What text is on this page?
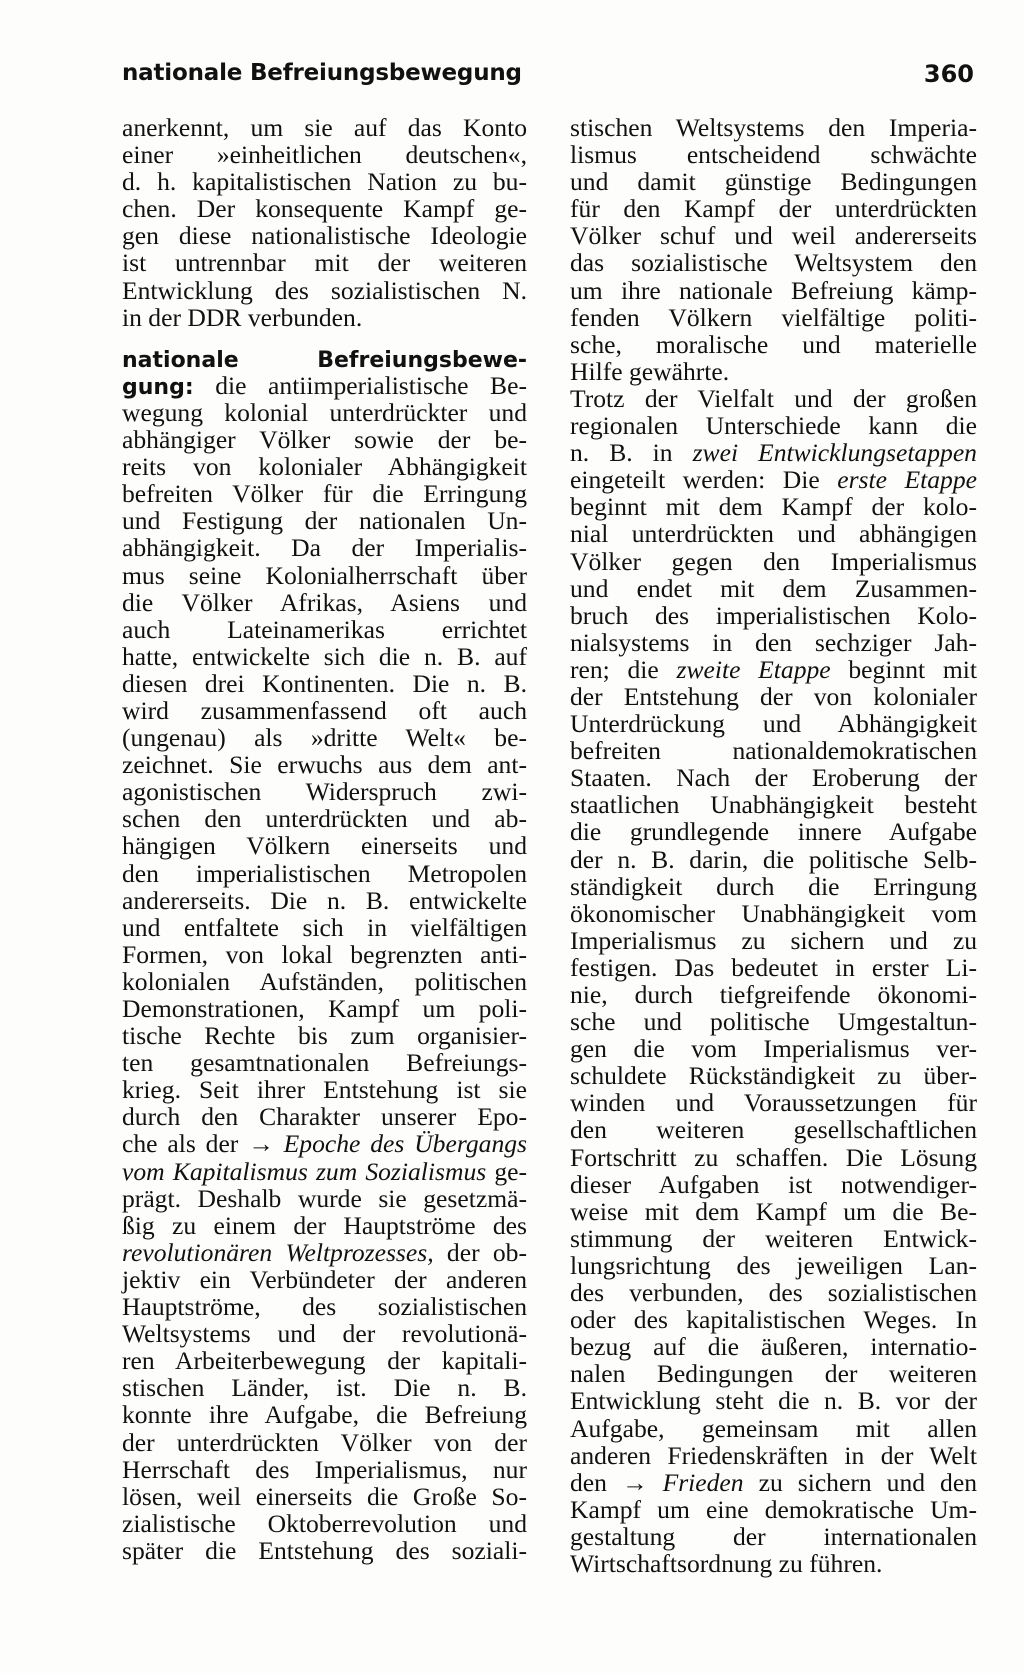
nationale Befreiungsbewegung	360
anerkennt, um sie auf das Konto
einer »einheitlichen deutschen«,
d. h. kapitalistischen Nation zu bu-
chen. Der konsequente Kampf ge-
gen diese nationalistische Ideologie
ist untrennbar mit der weiteren
Entwicklung des sozialistischen N.
in der DDR verbunden.
nationale Befreiungsbewe-
gung: die antiimperialistische Be-
wegung kolonial unterdrückter und
abhängiger Völker sowie der be-
reits von kolonialer Abhängigkeit
befreiten Völker für die Erringung
und Festigung der nationalen Un-
abhängigkeit. Da der Imperialis-
mus seine Kolonialherrschaft über
die Völker Afrikas, Asiens und
auch Lateinamerikas errichtet
hatte, entwickelte sich die n. B. auf
diesen drei Kontinenten. Die n. B.
wird zusammenfassend oft auch
(ungenau) als »dritte Welt« be-
zeichnet. Sie erwuchs aus dem ant-
agonistischen Widerspruch zwi-
schen den unterdrückten und ab-
hängigen Völkern einerseits und
den imperialistischen Metropolen
andererseits. Die n. B. entwickelte
und entfaltete sich in vielfältigen
Formen, von lokal begrenzten anti-
kolonialen Aufständen, politischen
Demonstrationen, Kampf um poli-
tische Rechte bis zum organisier-
ten gesamtnationalen Befreiungs-
krieg. Seit ihrer Entstehung ist sie
durch den Charakter unserer Epo-
che als der → Epoche des Übergangs
vom Kapitalismus zum Sozialismus ge-
prägt. Deshalb wurde sie gesetzmä-
ßig zu einem der Hauptströme des
revolutionären Weltprozesses, der ob-
jektiv ein Verbündeter der anderen
Hauptströme, des sozialistischen
Weltsystems und der revolutionä-
ren Arbeiterbewegung der kapitali-
stischen Länder, ist. Die n. B.
konnte ihre Aufgabe, die Befreiung
der unterdrückten Völker von der
Herrschaft des Imperialismus, nur
lösen, weil einerseits die Große So-
zialistische Oktoberrevolution und
später die Entstehung des soziali-
stischen Weltsystems den Imperia-
lismus entscheidend schwächte
und damit günstige Bedingungen
für den Kampf der unterdrückten
Völker schuf und weil andererseits
das sozialistische Weltsystem den
um ihre nationale Befreiung kämp-
fenden Völkern vielfältige politi-
sche, moralische und materielle
Hilfe gewährte.
Trotz der Vielfalt und der großen
regionalen Unterschiede kann die
n. B. in zwei Entwicklungsetappen
eingeteilt werden: Die erste Etappe
beginnt mit dem Kampf der kolo-
nial unterdrückten und abhängigen
Völker gegen den Imperialismus
und endet mit dem Zusammen-
bruch des imperialistischen Kolo-
nialsystems in den sechziger Jah-
ren; die zweite Etappe beginnt mit
der Entstehung der von kolonialer
Unterdrückung und Abhängigkeit
befreiten nationaldemokratischen
Staaten. Nach der Eroberung der
staatlichen Unabhängigkeit besteht
die grundlegende innere Aufgabe
der n. B. darin, die politische Selb-
ständigkeit durch die Erringung
ökonomischer Unabhängigkeit vom
Imperialismus zu sichern und zu
festigen. Das bedeutet in erster Li-
nie, durch tiefgreifende ökonomi-
sche und politische Umgestaltun-
gen die vom Imperialismus ver-
schuldete Rückständigkeit zu über-
winden und Voraussetzungen für
den weiteren gesellschaftlichen
Fortschritt zu schaffen. Die Lösung
dieser Aufgaben ist notwendiger-
weise mit dem Kampf um die Be-
stimmung der weiteren Entwick-
lungsrichtung des jeweiligen Lan-
des verbunden, des sozialistischen
oder des kapitalistischen Weges. In
bezug auf die äußeren, internatio-
nalen Bedingungen der weiteren
Entwicklung steht die n. B. vor der
Aufgabe, gemeinsam mit allen
anderen Friedenskräften in der Welt
den → Frieden zu sichern und den
Kampf um eine demokratische Um-
gestaltung der internationalen
Wirtschaftsordnung zu führen.
